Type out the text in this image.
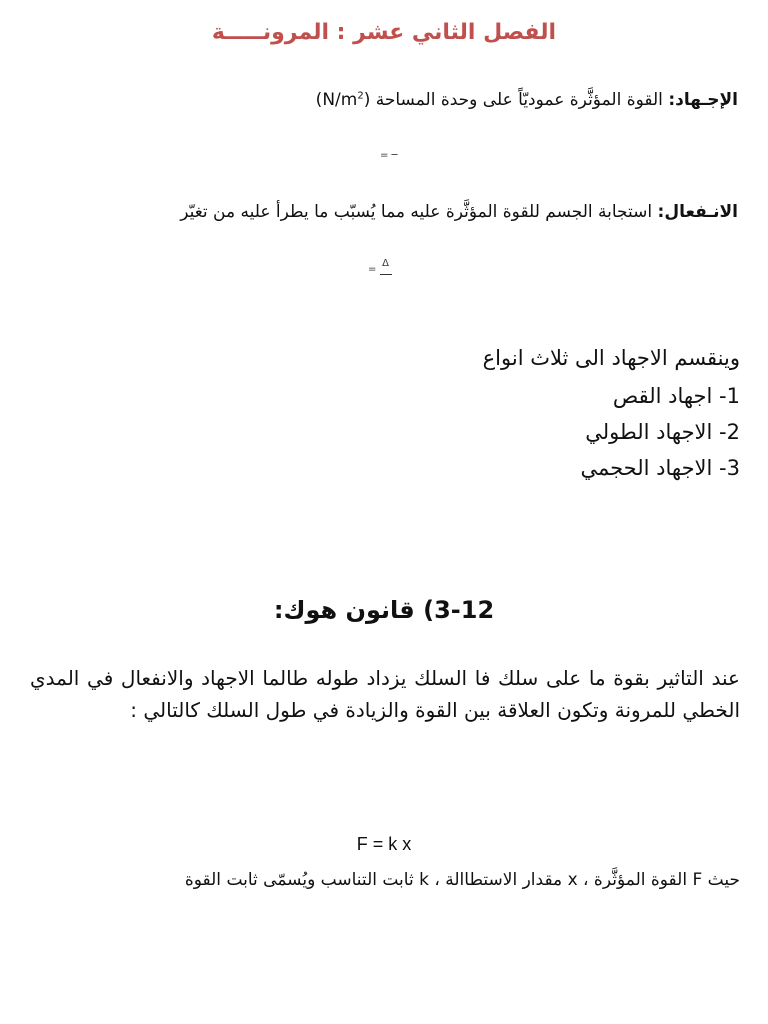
الفصل الثاني عشر : المرونـــــة
الإجـهاد: القوة المؤثَّرة عموديّاً على وحدة المساحة $(N/m^2)$
= ─
الانـفعال: استجابة الجسم للقوة المؤثَّرة عليه مما يُسبّب ما يطرأ عليه من تغيّر
= Δ

وينقسم الاجهاد الى ثلاث انواع
1- اجهاد القص
2- الاجهاد الطولي
3- الاجهاد الحجمي
3-12) قانون هوك:
عند التاثير بقوة ما على سلك فا السلك يزداد طوله طالما الاجهاد والانفعال في المدي الخطي للمرونة وتكون العلاقة بين القوة والزيادة في طول السلك كالتالي :
F = k x
حيث F القوة المؤثَّرة ، x مقدار الاستطاالة ، k ثابت التناسب ويُسمّى ثابت القوة
